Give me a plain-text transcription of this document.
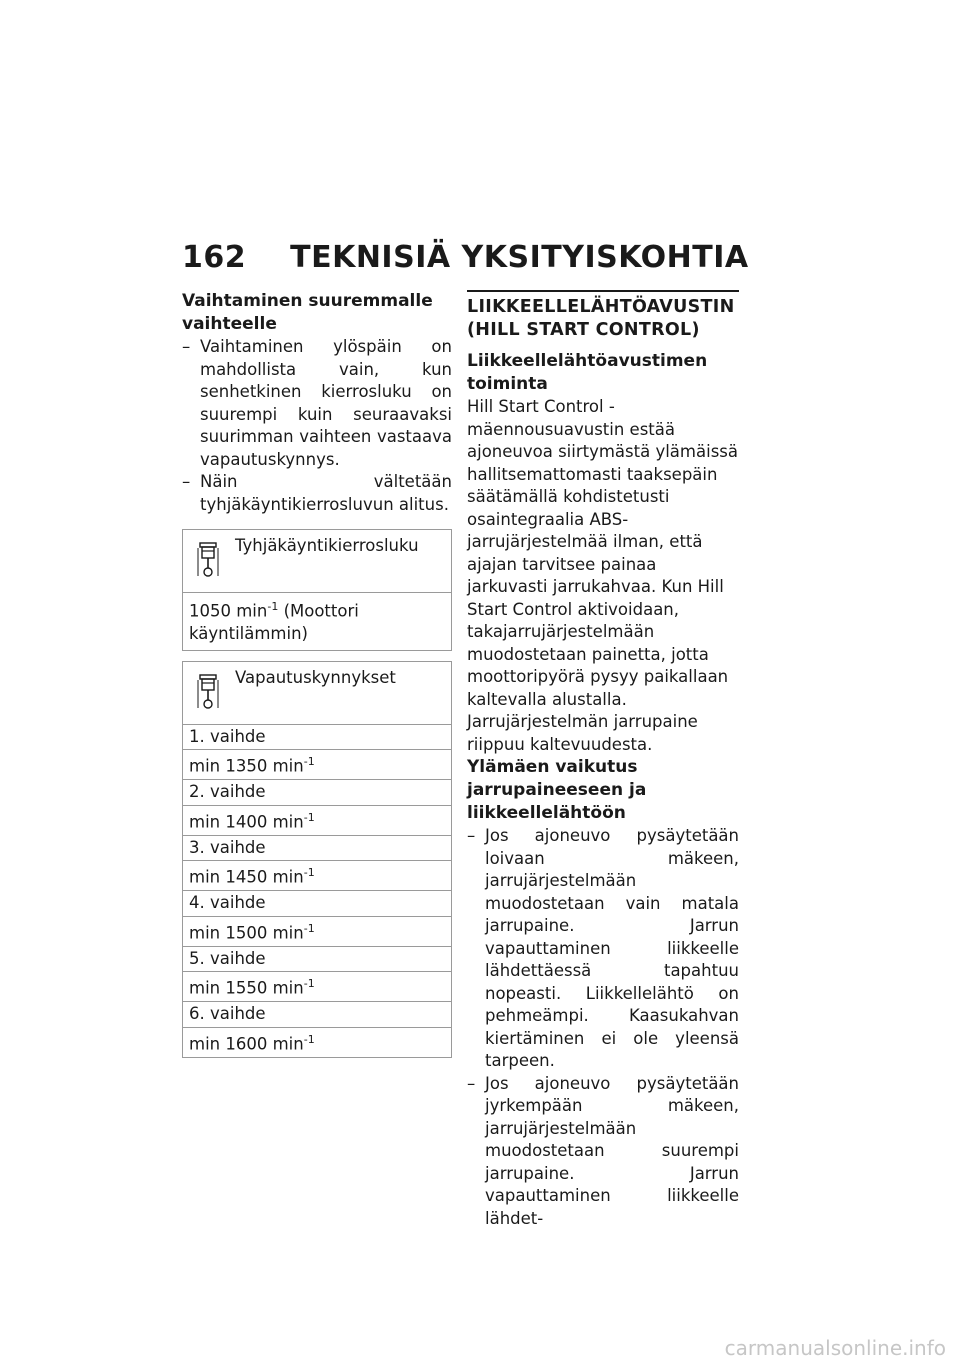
162 TEKNISIÄ YKSITYISKOHTIA

Vaihtaminen suuremmalle vaihteelle

– Vaihtaminen ylöspäin on mahdollista vain, kun senhetkinen kierrosluku on suurempi kuin seuraavaksi suurimman vaihteen vastaava vapautuskynnys.
– Näin vältetään tyhjäkäyntikierrosluvun alitus.
Tyhjäkäyntikierrosluku
1050 $\min^{-1}$ (Moottori käyntilämmin)
Vapautuskynnykset
1. vaihde
min 1350 $\min^{-1}$
2. vaihde
min 1400 $\min^{-1}$
3. vaihde
min 1450 $\min^{-1}$
4. vaihde
min 1500 $\min^{-1}$
5. vaihde
min 1550 $\min^{-1}$
6. vaihde
min 1600 $\min^{-1}$

LIIKKEELLELÄHTÖAVUSTIN (HILL START CONTROL)

Liikkeellelähtöavustimen toiminta

Hill Start Control -mäennousuavustin estää ajoneuvoa siirtymästä ylämäissä hallitsemattomasti taaksepäin säätämällä kohdistetusti osaintegraalia ABS-jarrujärjestelmää ilman, että ajajan tarvitsee painaa jarkuvasti jarrukahvaa. Kun Hill Start Control aktivoidaan, takajarrujärjestelmään muodostetaan painetta, jotta moottoripyörä pysyy paikallaan kaltevalla alustalla.

Jarrujärjestelmän jarrupaine riippuu kaltevuudesta.

Ylämäen vaikutus jarrupaineeseen ja liikkeellelähtöön

– Jos ajoneuvo pysäytetään loivaan mäkeen, jarrujärjestelmään muodostetaan vain matala jarrupaine. Jarrun vapauttaminen liikkeelle lähdettäessä tapahtuu nopeasti. Liikkellelähtö on pehmeämpi. Kaasukahvan kiertäminen ei ole yleensä tarpeen.
– Jos ajoneuvo pysäytetään jyrkempään mäkeen, jarrujärjestelmään muodostetaan suurempi jarrupaine. Jarrun vapauttaminen liikkeelle lähdet-
carmanualsonline.info
